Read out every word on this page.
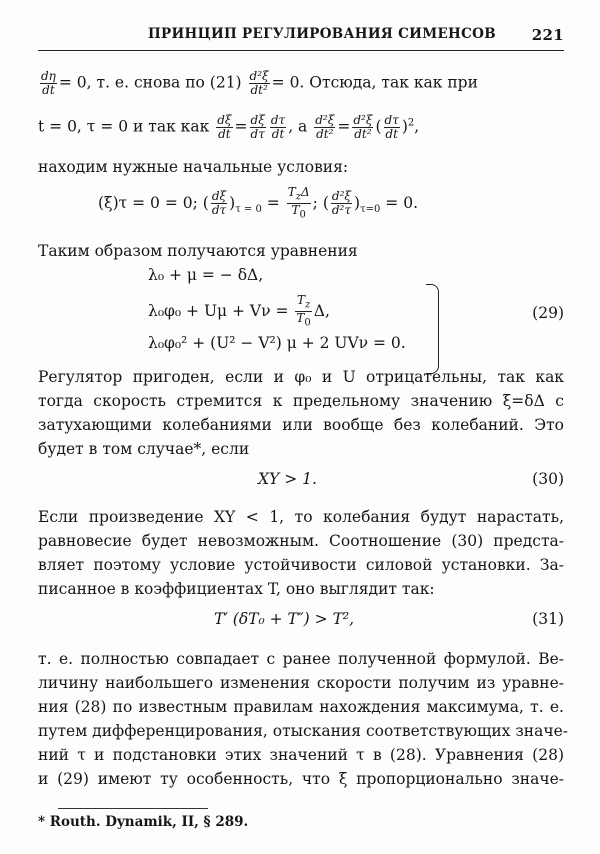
ПРИНЦИП РЕГУЛИРОВАНИЯ СИМЕНСОВ 221
$\frac{d\eta}{dt} = 0$, т. е. снова по $(21) \frac{\text{d²ξ}}{\text{dt²}} = 0$. Отсюда, так как при
t = 0, τ = 0 и так как $\frac{d\xi}{dt} = \frac{d\xi}{d\tau} \frac{d\tau}{dt}$ , а $\frac{\text{d²ξ}}{\text{dt²}} = \frac{\text{d²ξ}}{\text{dt²}}$ ( $\frac{d\tau}{dt} )^2$,
находим нужные начальные условия:
(ξ)τ = 0 = 0; ( $\frac{d\xi}{d\tau} )_{\tau = 0} = \frac{T_z\Delta}{T_0}$ ; ( $\frac{\text{d²ξ}}{\text{d²τ}} )_{\tau=0} = 0$.
Таким образом получаются уравнения
λ₀ + μ = − δΔ,
$\lambda_0\varphi_0 + U\mu + V\nu = \frac{T_z}{T_0} \Delta$,
λ₀φ₀² + (U² − V²) μ + 2 UVν = 0.
(29)
Регулятор пригоден, если и φ₀ и U отрицательны, так как
тогда скорость стремится к предельному значению ξ=δΔ с
затухающими колебаниями или вообще без колебаний. Это
будет в том случае*, если
XY > 1.	(30)
Если произведение XY < 1, то колебания будут нарастать,
равновесие будет невозможным. Соотношение (30) предста-
вляет поэтому условие устойчивости силовой установки. За-
писанное в коэффициентах T, оно выглядит так:
T′ (δT₀ + T″) > T²,	(31)
т. е. полностью совпадает с ранее полученной формулой. Ве-
личину наибольшего изменения скорости получим из уравне-
ния (28) по известным правилам нахождения максимума, т. е.
путем дифференцирования, отыскания соответствующих значе-
ний τ и подстановки этих значений τ в (28). Уравнения (28)
и (29) имеют ту особенность, что ξ пропорционально значе-
* Routh. Dynamik, II, § 289.
